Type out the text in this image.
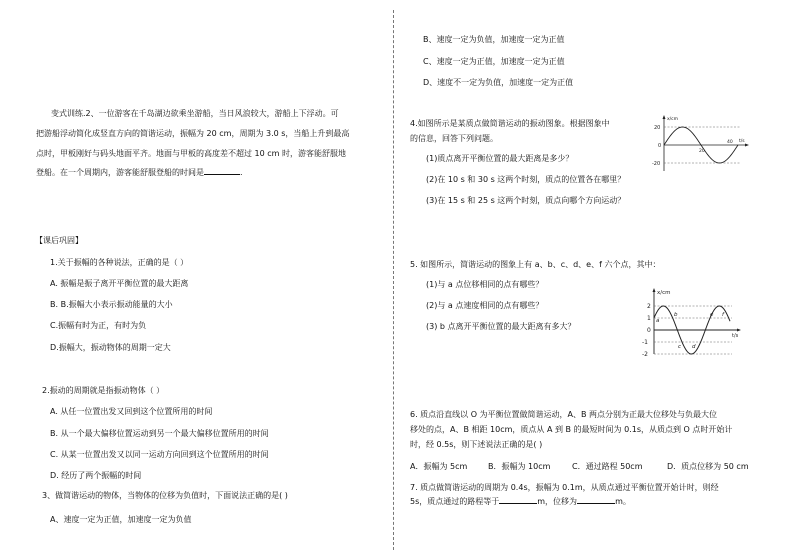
变式训练.2、一位游客在千岛湖边欲乘坐游船，当日风浪较大，游船上下浮动。可
把游船浮动简化成竖直方向的简谐运动，振幅为 20 cm，周期为 3.0 s，当船上升到最高
点时，甲板刚好与码头地面平齐。地面与甲板的高度差不超过 10 cm 时，游客能舒服地
登船。在一个周期内，游客能舒服登船的时间是	.
【课后巩固】
1.关于振幅的各种说法，正确的是（ ）
A. 振幅是振子离开平衡位置的最大距离
B. B.振幅大小表示振动能量的大小
C.振幅有时为正，有时为负
D.振幅大，振动物体的周期一定大
2.振动的周期就是指振动物体（ ）
A. 从任一位置出发又回到这个位置所用的时间
B. 从一个最大偏移位置运动到另一个最大偏移位置所用的时间
C. 从某一位置出发又以同一运动方向回到这个位置所用的时间
D. 经历了两个振幅的时间
3、做简谐运动的物体，当物体的位移为负值时，下面说法正确的是( )
A、速度一定为正值，加速度一定为负值
B、速度一定为负值，加速度一定为正值
C、速度一定为正值，加速度一定为正值
D、速度不一定为负值，加速度一定为正值
4.如图所示是某质点做简谐运动的振动图象。根据图象中
的信息，回答下列问题。
(1)质点离开平衡位置的最大距离是多少？
(2)在 10 s 和 30 s 这两个时刻，质点的位置各在哪里？
(3)在 15 s 和 25 s 这两个时刻，质点向哪个方向运动？
x/cm
t/s
20
0
-20
20
40
5. 如图所示，简谐运动的图象上有 a、b、c、d、e、f 六个点，其中：
(1)与 a 点位移相同的点有哪些？
(2)与 a 点速度相同的点有哪些？
(3) b 点离开平衡位置的最大距离有多大？
x/cm
t/s
2
1
0
-1
-2
a
b
c d
e f
6. 质点沿直线以 O 为平衡位置做简谐运动，A、B 两点分别为正最大位移处与负最大位
移处的点，A、B 相距 10cm，质点从 A 到 B 的最短时间为 0.1s，从质点到 O 点时开始计
时，经 0.5s，则下述说法正确的是( )
A．振幅为 5cm	B．振幅为 10cm	C．通过路程 50cm	D．质点位移为 50 cm
7. 质点做简谐运动的周期为 0.4s，振幅为 0.1m，从质点通过平衡位置开始计时，则经
5s，质点通过的路程等于	m，位移为	m。
